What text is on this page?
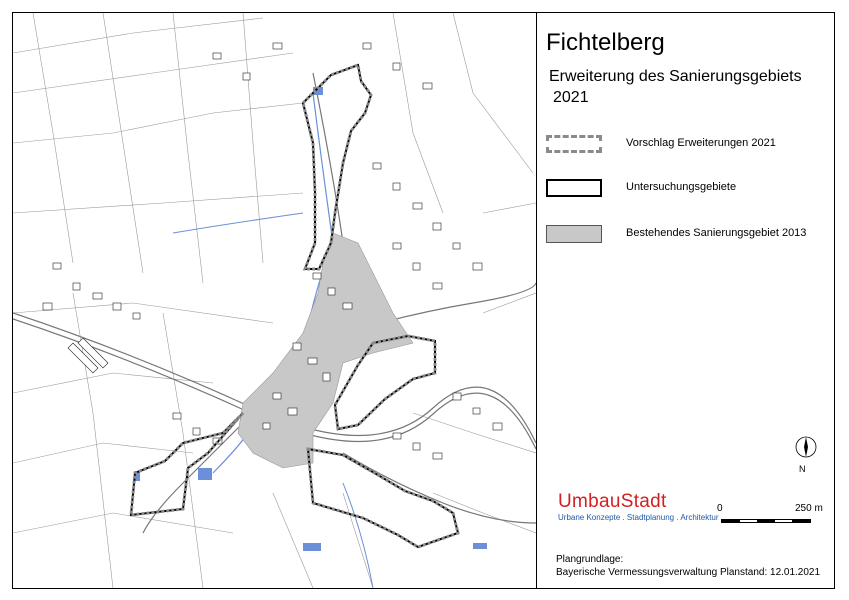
Fichtelberg
Erweiterung des Sanierungsgebiets
2021
Vorschlag Erweiterungen 2021
Untersuchungsgebiete
Bestehendes Sanierungsgebiet 2013
N
UmbauStadt
Urbane Konzepte . Stadtplanung . Architektur
0	250 m
Plangrundlage:
Bayerische Vermessungsverwaltung Planstand: 12.01.2021
